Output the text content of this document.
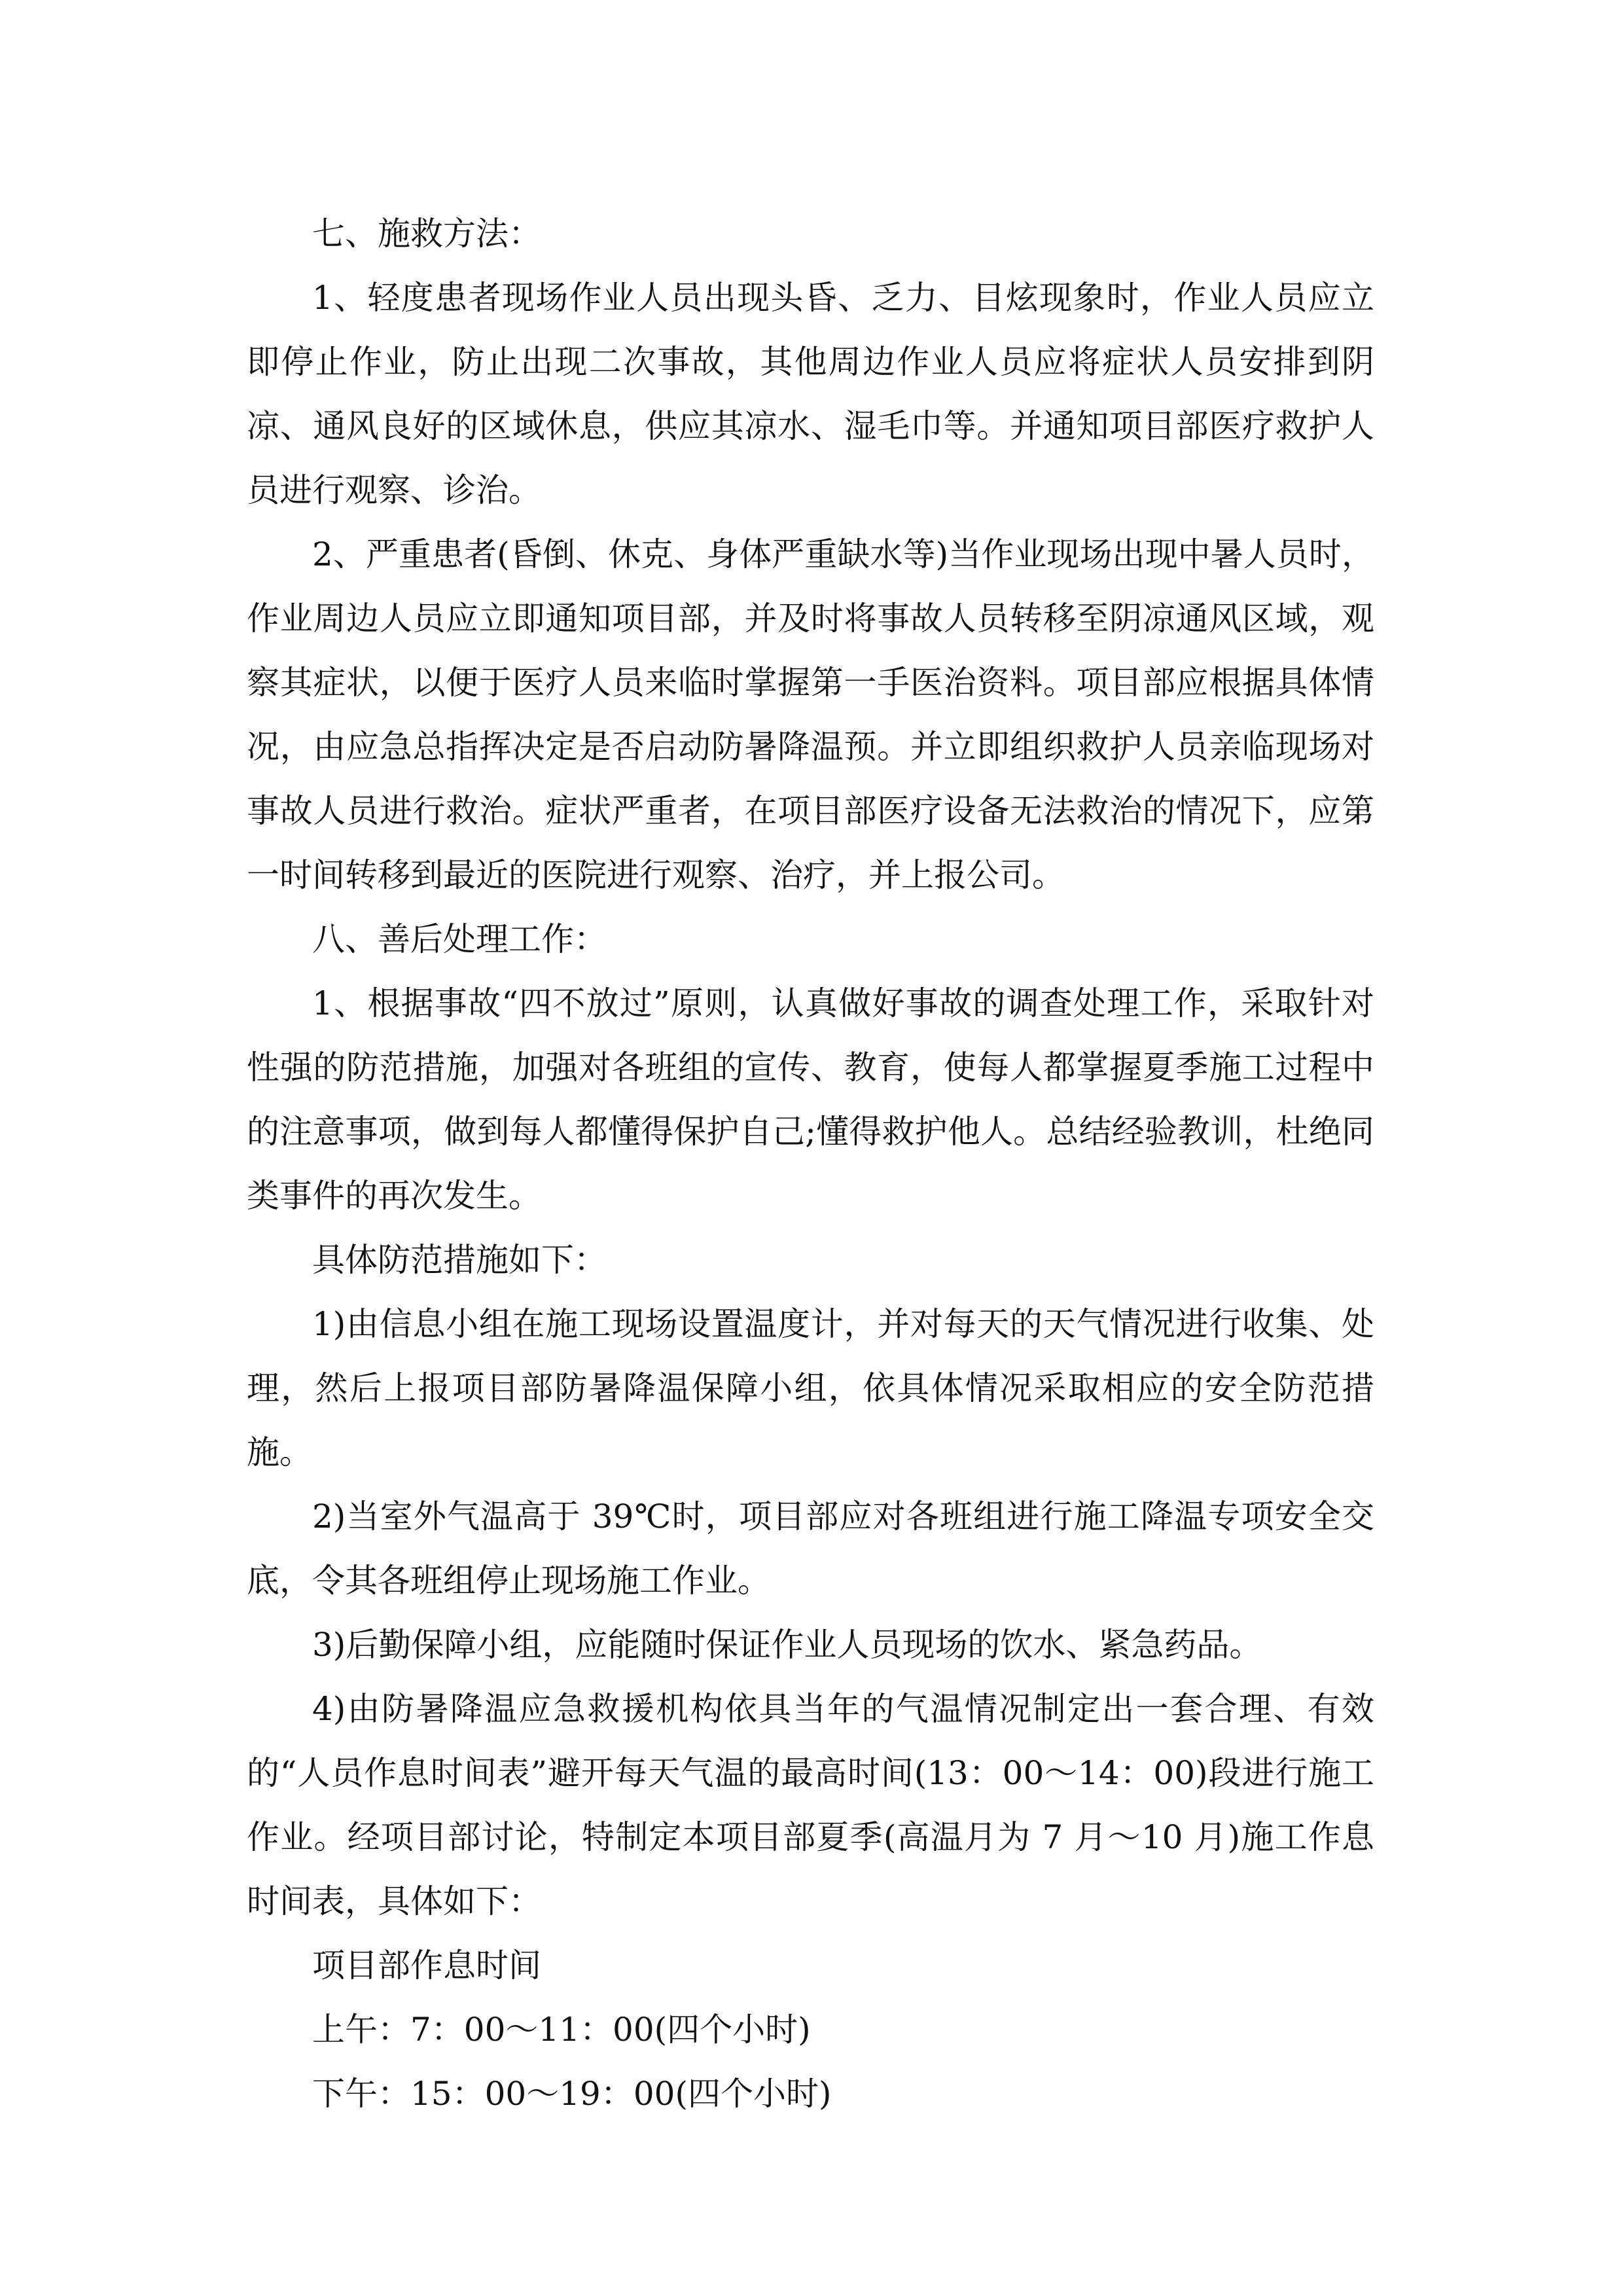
七、施救方法：

1、轻度患者现场作业人员出现头昏、乏力、目炫现象时，作业人员应立即停止作业，防止出现二次事故，其他周边作业人员应将症状人员安排到阴凉、通风良好的区域休息，供应其凉水、湿毛巾等。并通知项目部医疗救护人员进行观察、诊治。

2、严重患者(昏倒、休克、身体严重缺水等)当作业现场出现中暑人员时，作业周边人员应立即通知项目部，并及时将事故人员转移至阴凉通风区域，观察其症状，以便于医疗人员来临时掌握第一手医治资料。项目部应根据具体情况，由应急总指挥决定是否启动防暑降温预。并立即组织救护人员亲临现场对事故人员进行救治。症状严重者，在项目部医疗设备无法救治的情况下，应第一时间转移到最近的医院进行观察、治疗，并上报公司。

八、善后处理工作：

1、根据事故“四不放过”原则，认真做好事故的调查处理工作，采取针对性强的防范措施，加强对各班组的宣传、教育，使每人都掌握夏季施工过程中的注意事项，做到每人都懂得保护自己;懂得救护他人。总结经验教训，杜绝同类事件的再次发生。

具体防范措施如下：

1)由信息小组在施工现场设置温度计，并对每天的天气情况进行收集、处理，然后上报项目部防暑降温保障小组，依具体情况采取相应的安全防范措施。

2)当室外气温高于 39℃时，项目部应对各班组进行施工降温专项安全交底，令其各班组停止现场施工作业。

3)后勤保障小组，应能随时保证作业人员现场的饮水、紧急药品。

4)由防暑降温应急救援机构依具当年的气温情况制定出一套合理、有效的“人员作息时间表”避开每天气温的最高时间(13：00～14：00)段进行施工作业。经项目部讨论，特制定本项目部夏季(高温月为 7 月～10 月)施工作息时间表，具体如下：

项目部作息时间

上午：7：00～11：00(四个小时)

下午：15：00～19：00(四个小时)
